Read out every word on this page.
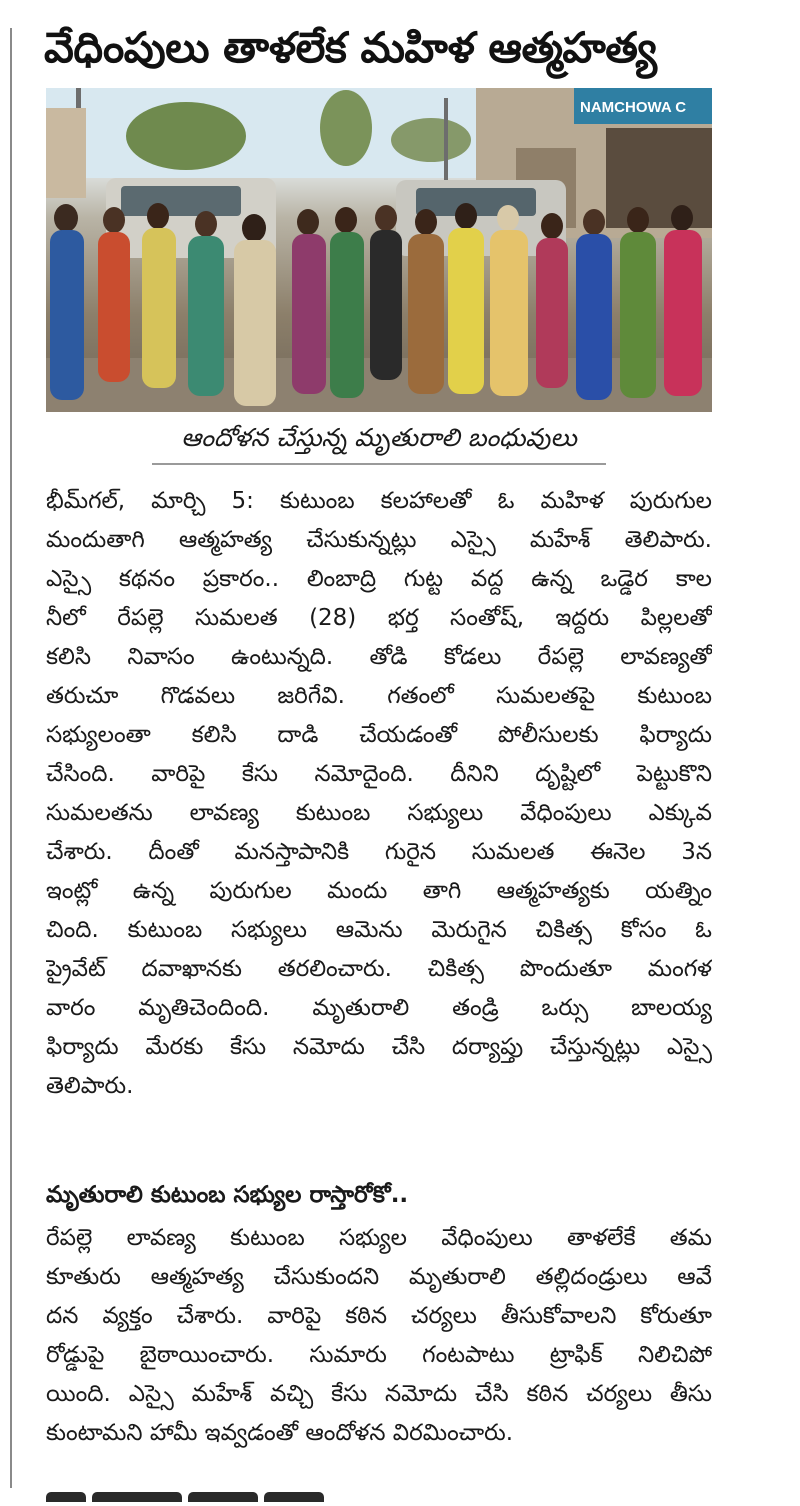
వేధింపులు తాళలేక మహిళ ఆత్మహత్య
NAMCHOWA C
ఆందోళన చేస్తున్న మృతురాలి బంధువులు
భీమ్‌గల్‌, మార్చి 5: కుటుంబ కలహాలతో ఓ మహిళ పురుగుల
మందుతాగి ఆత్మహత్య చేసుకున్నట్లు ఎస్సై మహేశ్‌ తెలిపారు.
ఎస్సై కథనం ప్రకారం.. లింబాద్రి గుట్ట వద్ద ఉన్న ఒడ్డెర కాల
నీలో రేపల్లె సుమలత (28) భర్త సంతోష్‌, ఇద్దరు పిల్లలతో
కలిసి నివాసం ఉంటున్నది. తోడి కోడలు రేపల్లె లావణ్యతో
తరుచూ గొడవలు జరిగేవి. గతంలో సుమలతపై కుటుంబ
సభ్యులంతా కలిసి దాడి చేయడంతో పోలీసులకు ఫిర్యాదు
చేసింది. వారిపై కేసు నమోదైంది. దీనిని దృష్టిలో పెట్టుకొని
సుమలతను లావణ్య కుటుంబ సభ్యులు వేధింపులు ఎక్కువ
చేశారు. దీంతో మనస్తాపానికి గురైన సుమలత ఈనెల 3న
ఇంట్లో ఉన్న పురుగుల మందు తాగి ఆత్మహత్యకు యత్నిం
చింది. కుటుంబ సభ్యులు ఆమెను మెరుగైన చికిత్స కోసం ఓ
ప్రైవేట్‌ దవాఖానకు తరలించారు. చికిత్స పొందుతూ మంగళ
వారం మృతిచెందింది. మృతురాలి తండ్రి ఒర్సు బాలయ్య
ఫిర్యాదు మేరకు కేసు నమోదు చేసి దర్యాప్తు చేస్తున్నట్లు ఎస్సై
తెలిపారు.
మృతురాలి కుటుంబ సభ్యుల రాస్తారోకో..
రేపల్లె లావణ్య కుటుంబ సభ్యుల వేధింపులు తాళలేకే తమ
కూతురు ఆత్మహత్య చేసుకుందని మృతురాలి తల్లిదండ్రులు ఆవే
దన వ్యక్తం చేశారు. వారిపై కఠిన చర్యలు తీసుకోవాలని కోరుతూ
రోడ్డుపై బైఠాయించారు. సుమారు గంటపాటు ట్రాఫిక్‌ నిలిచిపో
యింది. ఎస్సై మహేశ్‌ వచ్చి కేసు నమోదు చేసి కఠిన చర్యలు తీసు
కుంటామని హామీ ఇవ్వడంతో ఆందోళన విరమించారు.
